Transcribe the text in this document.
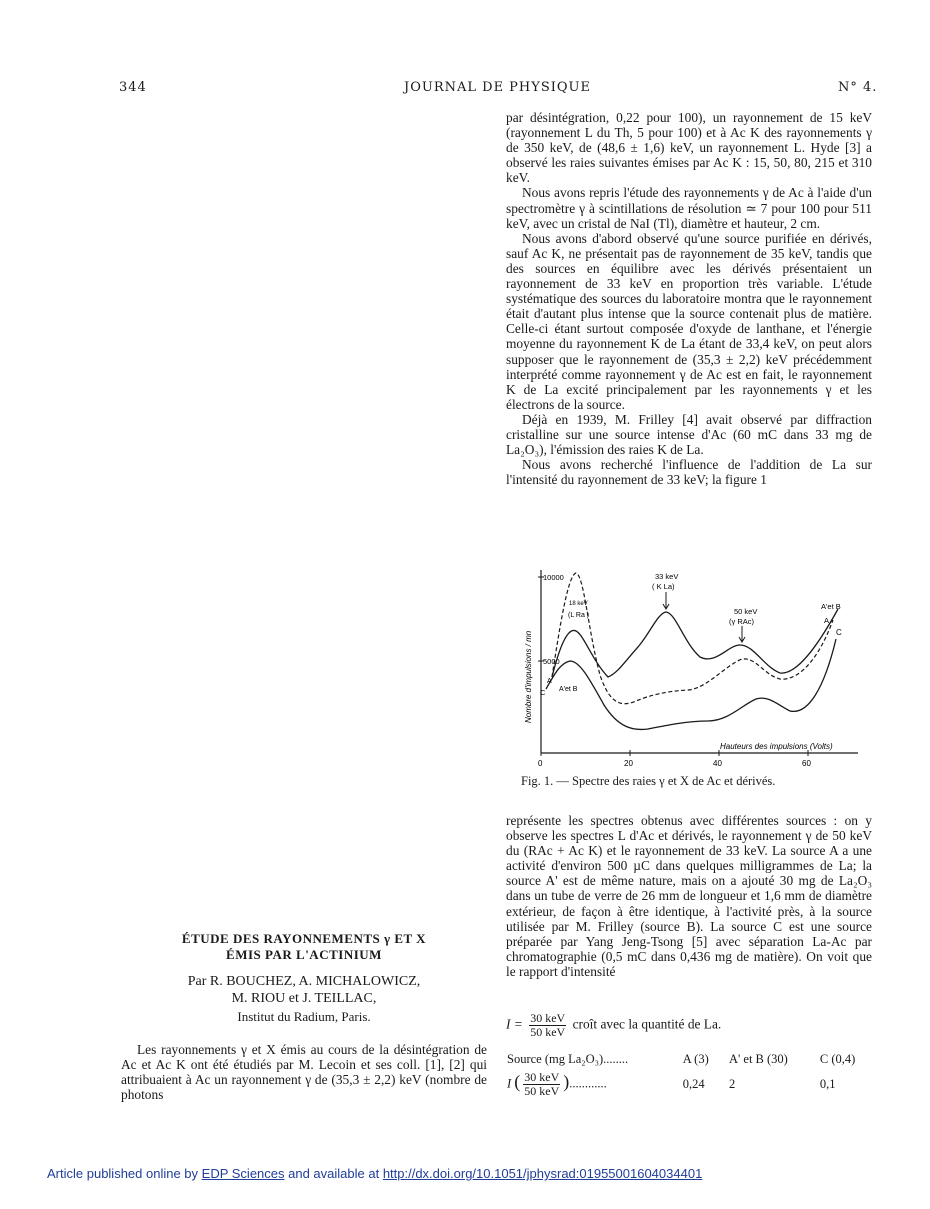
344	JOURNAL DE PHYSIQUE	N° 4.

par désintégration, 0,22 pour 100), un rayonnement de 15 keV (rayonnement L du Th, 5 pour 100) et à Ac K des rayonnements γ de 350 keV, de (48,6 ± 1,6) keV, un rayonnement L. Hyde [3] a observé les raies suivantes émises par Ac K : 15, 50, 80, 215 et 310 keV.

Nous avons repris l'étude des rayonnements γ de Ac à l'aide d'un spectromètre γ à scintillations de résolution ≃ 7 pour 100 pour 511 keV, avec un cristal de NaI (Tl), diamètre et hauteur, 2 cm.

Nous avons d'abord observé qu'une source purifiée en dérivés, sauf Ac K, ne présentait pas de rayonnement de 35 keV, tandis que des sources en équilibre avec les dérivés présentaient un rayonnement de 33 keV en proportion très variable. L'étude systématique des sources du laboratoire montra que le rayonnement était d'autant plus intense que la source contenait plus de matière. Celle-ci étant surtout composée d'oxyde de lanthane, et l'énergie moyenne du rayonnement K de La étant de 33,4 keV, on peut alors supposer que le rayonnement de (35,3 ± 2,2) keV précédemment interprété comme rayonnement γ de Ac est en fait, le rayonnement K de La excité principalement par les rayonnements γ et les électrons de la source.

Déjà en 1939, M. Frilley [4] avait observé par diffraction cristalline sur une source intense d'Ac (60 mC dans 33 mg de La₂O₃), l'émission des raies K de La.

Nous avons recherché l'influence de l'addition de La sur l'intensité du rayonnement de 33 keV; la figure 1

10000
5000
0	20	40	60
Nombre d'impulsions / mn
Hauteurs des impulsions (Volts)
33 keV
( K La)
50 keV
(γ RAc)
18 keV
(L Ra )
A'et B
A
C
A
A'et B
C
Fig. 1. — Spectre des raies γ et X de Ac et dérivés.

représente les spectres obtenus avec différentes sources : on y observe les spectres L d'Ac et dérivés, le rayonnement γ de 50 keV du (RAc + Ac K) et le rayonnement de 33 keV. La source A a une activité d'environ 500 µC dans quelques milligrammes de La; la source A' est de même nature, mais on a ajouté 30 mg de La₂O₃ dans un tube de verre de 26 mm de longueur et 1,6 mm de diamètre extérieur, de façon à être identique, à l'activité près, à la source utilisée par M. Frilley (source B). La source C est une source préparée par Yang Jeng-Tsong [5] avec séparation La-Ac par chromatographie (0,5 mC dans 0,436 mg de matière). On voit que le rapport d'intensité

$I = \frac{\text{30 keV}}{\text{50 keV}}$ croît avec la quantité de La.
Source (mg La₂O₃)........	A (3)	A' et B (30)	C (0,4)
I ( $\frac{\text{30 keV}}{\text{50 keV}}$ )............	0,24	2	0,1
ÉTUDE DES RAYONNEMENTS γ ET X
ÉMIS PAR L'ACTINIUM
Par R. BOUCHEZ, A. MICHALOWICZ,
M. RIOU et J. TEILLAC,
Institut du Radium, Paris.

Les rayonnements γ et X émis au cours de la désintégration de Ac et Ac K ont été étudiés par M. Lecoin et ses coll. [1], [2] qui attribuaient à Ac un rayonnement γ de (35,3 ± 2,2) keV (nombre de photons

Article published online by EDP Sciences and available at http://dx.doi.org/10.1051/jphysrad:01955001604034401
